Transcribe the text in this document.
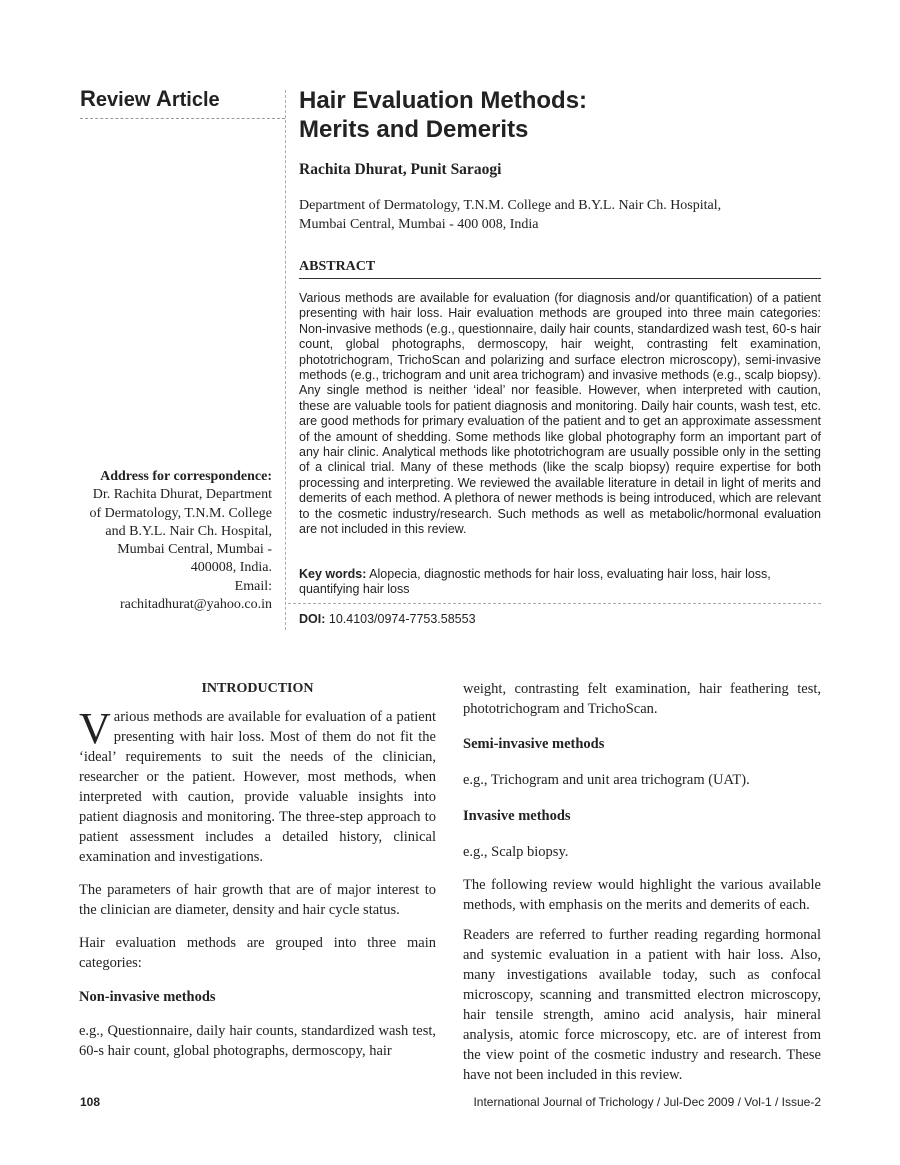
Review Article	Hair Evaluation Methods:
Merits and Demerits
Rachita Dhurat, Punit Saraogi
Department of Dermatology, T.N.M. College and B.Y.L. Nair Ch. Hospital,
Mumbai Central, Mumbai - 400 008, India
ABSTRACT
Various methods are available for evaluation (for diagnosis and/or quantification) of a patient presenting with hair loss. Hair evaluation methods are grouped into three main categories: Non-invasive methods (e.g., questionnaire, daily hair counts, standardized wash test, 60-s hair count, global photographs, dermoscopy, hair weight, contrasting felt examination, phototrichogram, TrichoScan and polarizing and surface electron microscopy), semi-invasive methods (e.g., trichogram and unit area trichogram) and invasive methods (e.g., scalp biopsy). Any single method is neither ‘ideal’ nor feasible. However, when interpreted with caution, these are valuable tools for patient diagnosis and monitoring. Daily hair counts, wash test, etc. are good methods for primary evaluation of the patient and to get an approximate assessment of the amount of shedding. Some methods like global photography form an important part of any hair clinic. Analytical methods like phototrichogram are usually possible only in the setting of a clinical trial. Many of these methods (like the scalp biopsy) require expertise for both processing and interpreting. We reviewed the available literature in detail in light of merits and demerits of each method. A plethora of newer methods is being introduced, which are relevant to the cosmetic industry/research. Such methods as well as metabolic/hormonal evaluation are not included in this review.
Key words: Alopecia, diagnostic methods for hair loss, evaluating hair loss, hair loss, quantifying hair loss
DOI: 10.4103/0974-7753.58553
Address for correspondence:
Dr. Rachita Dhurat, Department of Dermatology, T.N.M. College and B.Y.L. Nair Ch. Hospital, Mumbai Central, Mumbai - 400008, India.
Email: rachitadhurat@yahoo.co.in

INTRODUCTION

Various methods are available for evaluation of a patient presenting with hair loss. Most of them do not fit the ‘ideal’ requirements to suit the needs of the clinician, researcher or the patient. However, most methods, when interpreted with caution, provide valuable insights into patient diagnosis and monitoring. The three-step approach to patient assessment includes a detailed history, clinical examination and investigations.

The parameters of hair growth that are of major interest to the clinician are diameter, density and hair cycle status.

Hair evaluation methods are grouped into three main categories:

Non-invasive methods

e.g., Questionnaire, daily hair counts, standardized wash test, 60-s hair count, global photographs, dermoscopy, hair

weight, contrasting felt examination, hair feathering test, phototrichogram and TrichoScan.

Semi-invasive methods

e.g., Trichogram and unit area trichogram (UAT).

Invasive methods

e.g., Scalp biopsy.

The following review would highlight the various available methods, with emphasis on the merits and demerits of each.

Readers are referred to further reading regarding hormonal and systemic evaluation in a patient with hair loss. Also, many investigations available today, such as confocal microscopy, scanning and transmitted electron microscopy, hair tensile strength, amino acid analysis, hair mineral analysis, atomic force microscopy, etc. are of interest from the view point of the cosmetic industry and research. These have not been included in this review.

108	International Journal of Trichology / Jul-Dec 2009 / Vol-1 / Issue-2
